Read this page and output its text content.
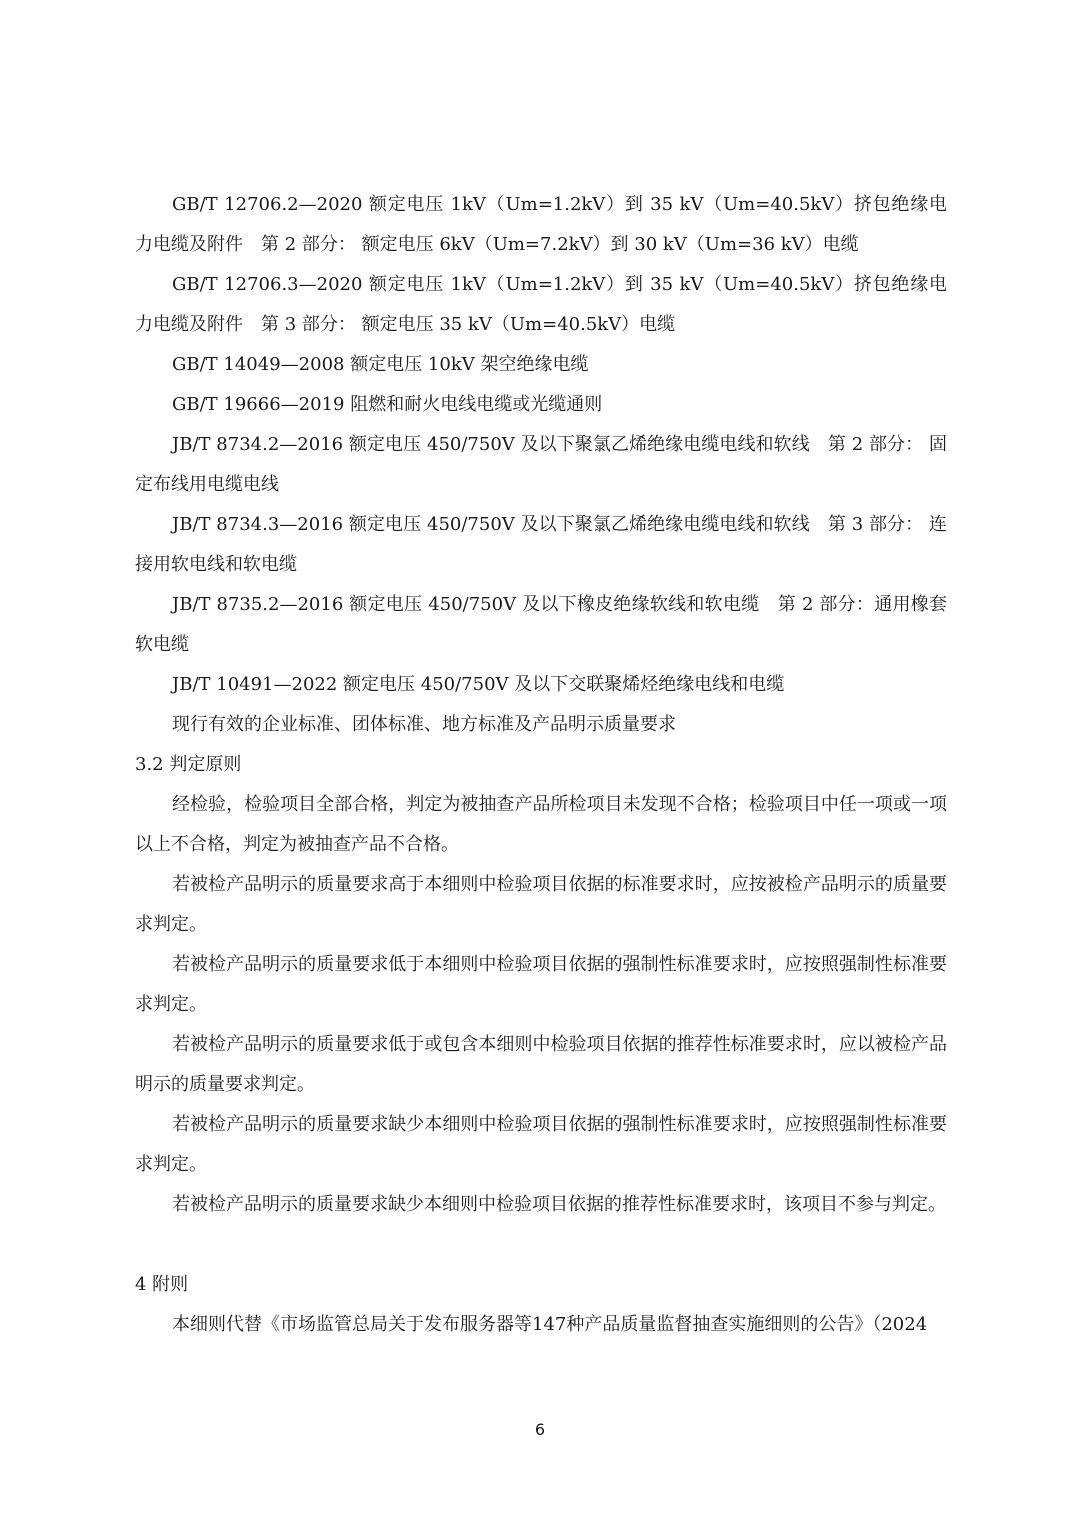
GB/T 12706.2—2020 额定电压 1kV（Um=1.2kV）到 35 kV（Um=40.5kV）挤包绝缘电力电缆及附件　第 2 部分： 额定电压 6kV（Um=7.2kV）到 30 kV（Um=36 kV）电缆

GB/T 12706.3—2020 额定电压 1kV（Um=1.2kV）到 35 kV（Um=40.5kV）挤包绝缘电力电缆及附件　第 3 部分： 额定电压 35 kV（Um=40.5kV）电缆

GB/T 14049—2008 额定电压 10kV 架空绝缘电缆

GB/T 19666—2019 阻燃和耐火电线电缆或光缆通则

JB/T 8734.2—2016 额定电压 450/750V 及以下聚氯乙烯绝缘电缆电线和软线　第 2 部分： 固定布线用电缆电线

JB/T 8734.3—2016 额定电压 450/750V 及以下聚氯乙烯绝缘电缆电线和软线　第 3 部分： 连接用软电线和软电缆

JB/T 8735.2—2016 额定电压 450/750V 及以下橡皮绝缘软线和软电缆　第 2 部分：通用橡套软电缆

JB/T 10491—2022 额定电压 450/750V 及以下交联聚烯烃绝缘电线和电缆

现行有效的企业标准、团体标准、地方标准及产品明示质量要求

3.2 判定原则

经检验，检验项目全部合格，判定为被抽查产品所检项目未发现不合格；检验项目中任一项或一项以上不合格，判定为被抽查产品不合格。

若被检产品明示的质量要求高于本细则中检验项目依据的标准要求时，应按被检产品明示的质量要求判定。

若被检产品明示的质量要求低于本细则中检验项目依据的强制性标准要求时，应按照强制性标准要求判定。

若被检产品明示的质量要求低于或包含本细则中检验项目依据的推荐性标准要求时，应以被检产品明示的质量要求判定。

若被检产品明示的质量要求缺少本细则中检验项目依据的强制性标准要求时，应按照强制性标准要求判定。

若被检产品明示的质量要求缺少本细则中检验项目依据的推荐性标准要求时，该项目不参与判定。

4 附则

本细则代替《市场监管总局关于发布服务器等147种产品质量监督抽查实施细则的公告》（2024

6
